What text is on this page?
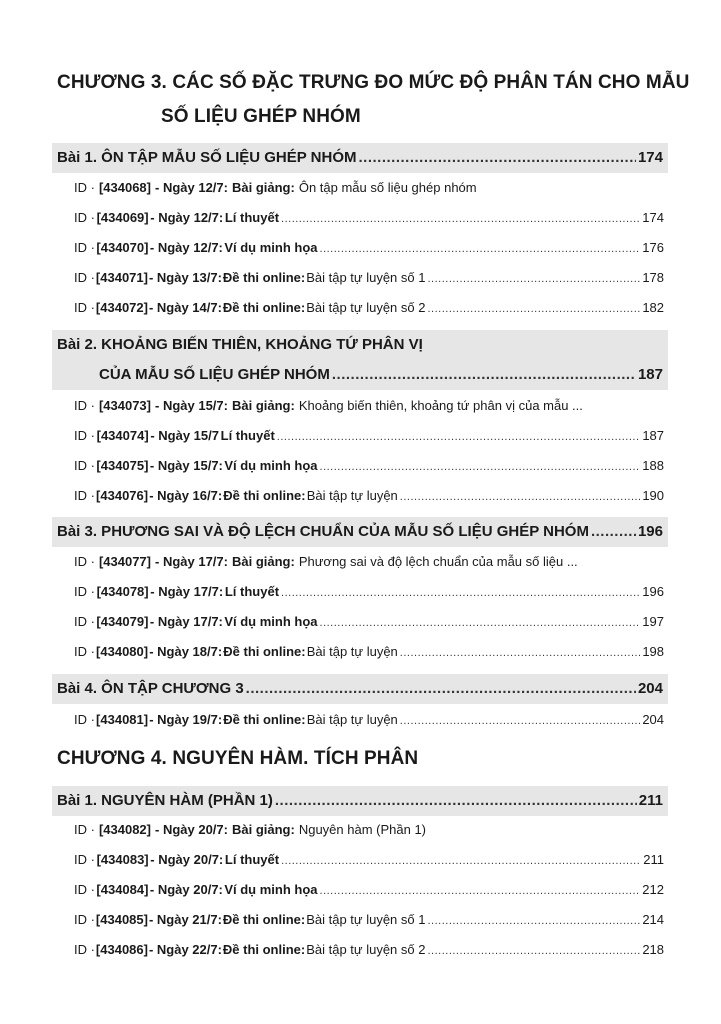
CHƯƠNG 3. CÁC SỐ ĐẶC TRƯNG ĐO MỨC ĐỘ PHÂN TÁN CHO MẪU
SỐ LIỆU GHÉP NHÓM
Bài 1. ÔN TẬP MẪU SỐ LIỆU GHÉP NHÓM .....	174
ID · [434068] - Ngày 12/7: Bài giảng: Ôn tập mẫu số liệu ghép nhóm
ID · [434069] - Ngày 12/7: Lí thuyết .....	174
ID · [434070] - Ngày 12/7: Ví dụ minh họa .....	176
ID · [434071] - Ngày 13/7: Đề thi online: Bài tập tự luyện số 1 .....	178
ID · [434072] - Ngày 14/7: Đề thi online: Bài tập tự luyện số 2 .....	182
Bài 2. KHOẢNG BIẾN THIÊN, KHOẢNG TỨ PHÂN VỊ
CỦA MẪU SỐ LIỆU GHÉP NHÓM .....	187
ID · [434073] - Ngày 15/7: Bài giảng: Khoảng biến thiên, khoảng tứ phân vị của mẫu ...
ID · [434074] - Ngày 15/7 Lí thuyết .....	187
ID · [434075] - Ngày 15/7: Ví dụ minh họa .....	188
ID · [434076] - Ngày 16/7: Đề thi online: Bài tập tự luyện .....	190
Bài 3. PHƯƠNG SAI VÀ ĐỘ LỆCH CHUẨN CỦA MẪU SỐ LIỆU GHÉP NHÓM .....	196
ID · [434077] - Ngày 17/7: Bài giảng: Phương sai và độ lệch chuẩn của mẫu số liệu ...
ID · [434078] - Ngày 17/7: Lí thuyết .....	196
ID · [434079] - Ngày 17/7: Ví dụ minh họa .....	197
ID · [434080] - Ngày 18/7: Đề thi online: Bài tập tự luyện .....	198
Bài 4. ÔN TẬP CHƯƠNG 3 .....	204
ID · [434081] - Ngày 19/7: Đề thi online: Bài tập tự luyện .....	204
CHƯƠNG 4. NGUYÊN HÀM. TÍCH PHÂN
Bài 1. NGUYÊN HÀM (PHẦN 1) .....	211
ID · [434082] - Ngày 20/7: Bài giảng: Nguyên hàm (Phần 1)
ID · [434083] - Ngày 20/7: Lí thuyết .....	211
ID · [434084] - Ngày 20/7: Ví dụ minh họa .....	212
ID · [434085] - Ngày 21/7: Đề thi online: Bài tập tự luyện số 1 .....	214
ID · [434086] - Ngày 22/7: Đề thi online: Bài tập tự luyện số 2 .....	218
